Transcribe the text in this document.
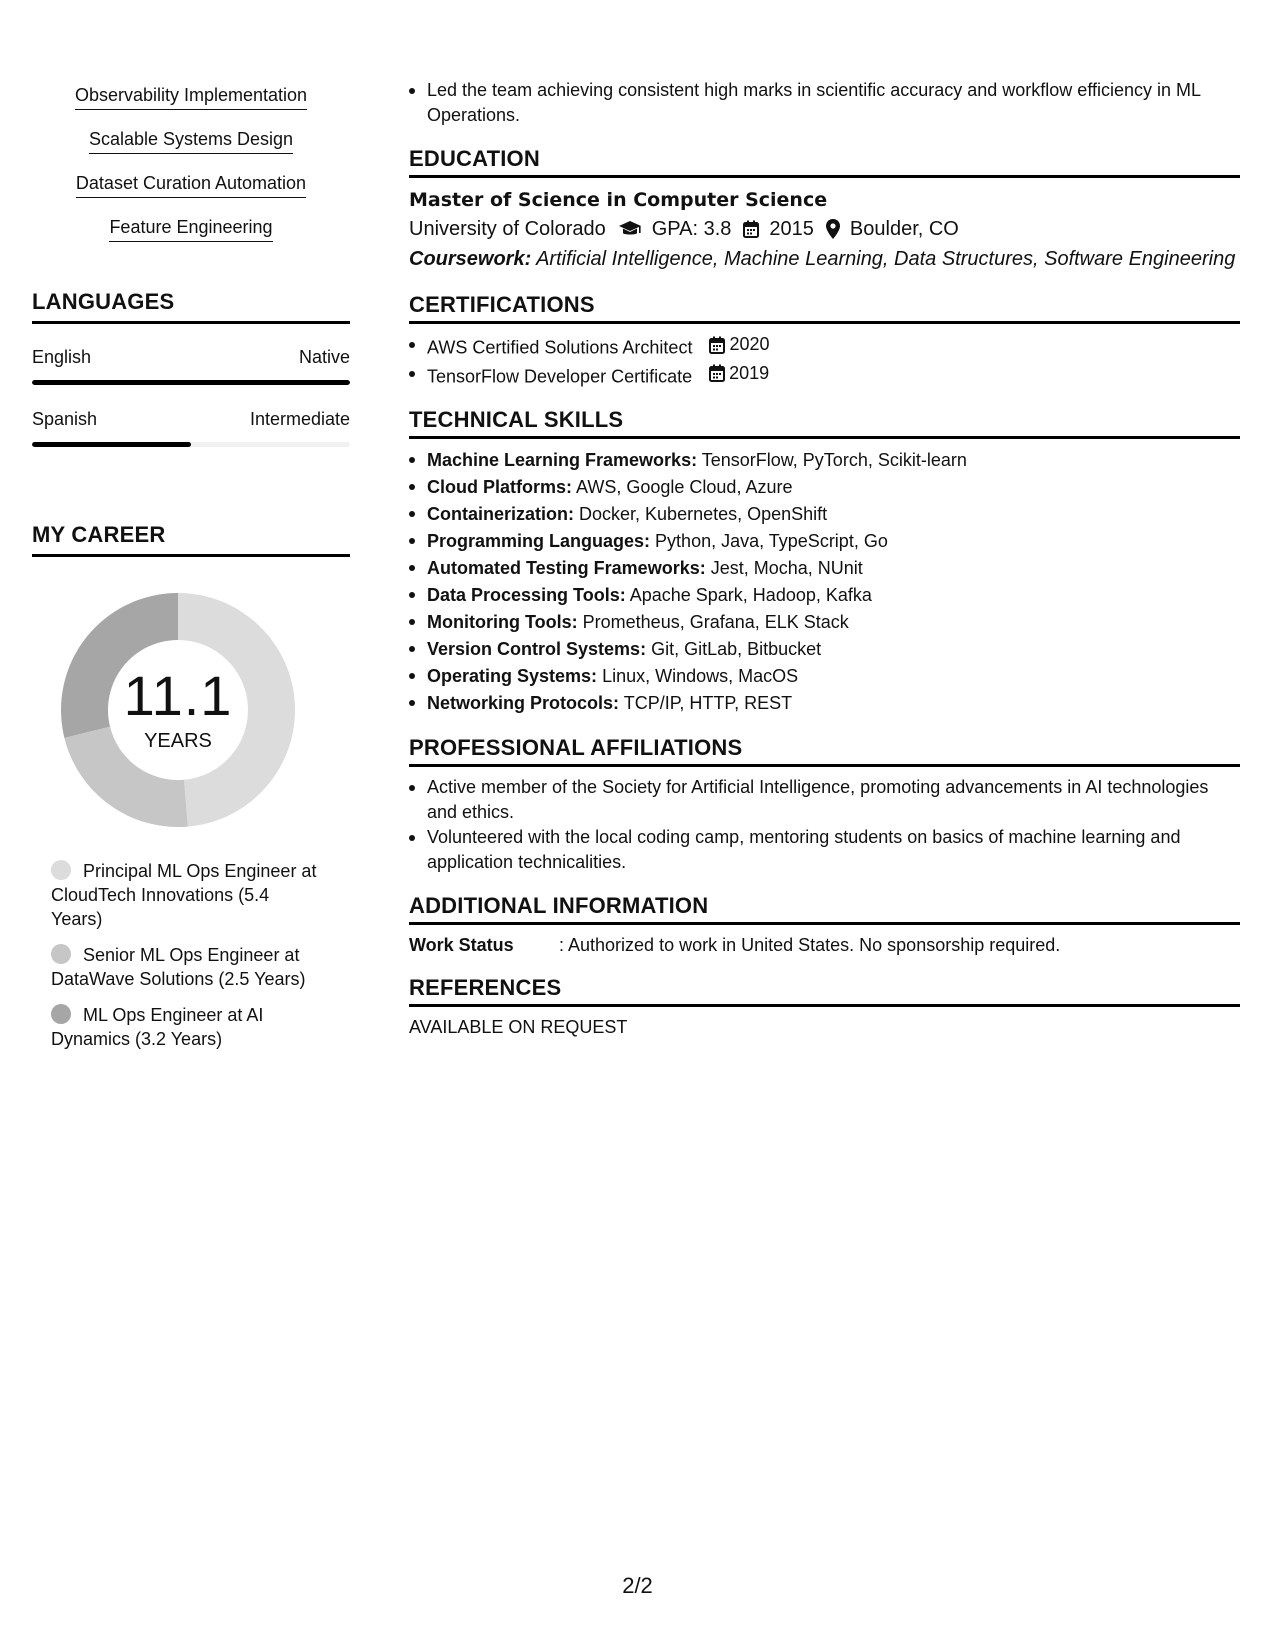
Observability Implementation
Scalable Systems Design
Dataset Curation Automation
Feature Engineering
LANGUAGES
English	Native
Spanish	Intermediate
MY CAREER
11.1
YEARS
Principal ML Ops Engineer at CloudTech Innovations (5.4 Years)
Senior ML Ops Engineer at DataWave Solutions (2.5 Years)
ML Ops Engineer at AI Dynamics (3.2 Years)
Led the team achieving consistent high marks in scientific accuracy and workflow efficiency in ML Operations.
EDUCATION
Master of Science in Computer Science
University of Colorado GPA: 3.8 2015 Boulder, CO
Coursework: Artificial Intelligence, Machine Learning, Data Structures, Software Engineering
CERTIFICATIONS
AWS Certified Solutions Architect 2020
TensorFlow Developer Certificate 2019
TECHNICAL SKILLS
Machine Learning Frameworks: TensorFlow, PyTorch, Scikit-learn
Cloud Platforms: AWS, Google Cloud, Azure
Containerization: Docker, Kubernetes, OpenShift
Programming Languages: Python, Java, TypeScript, Go
Automated Testing Frameworks: Jest, Mocha, NUnit
Data Processing Tools: Apache Spark, Hadoop, Kafka
Monitoring Tools: Prometheus, Grafana, ELK Stack
Version Control Systems: Git, GitLab, Bitbucket
Operating Systems: Linux, Windows, MacOS
Networking Protocols: TCP/IP, HTTP, REST
PROFESSIONAL AFFILIATIONS
Active member of the Society for Artificial Intelligence, promoting advancements in AI technologies and ethics.
Volunteered with the local coding camp, mentoring students on basics of machine learning and application technicalities.
ADDITIONAL INFORMATION
Work Status	: Authorized to work in United States. No sponsorship required.
REFERENCES
AVAILABLE ON REQUEST
2/2
